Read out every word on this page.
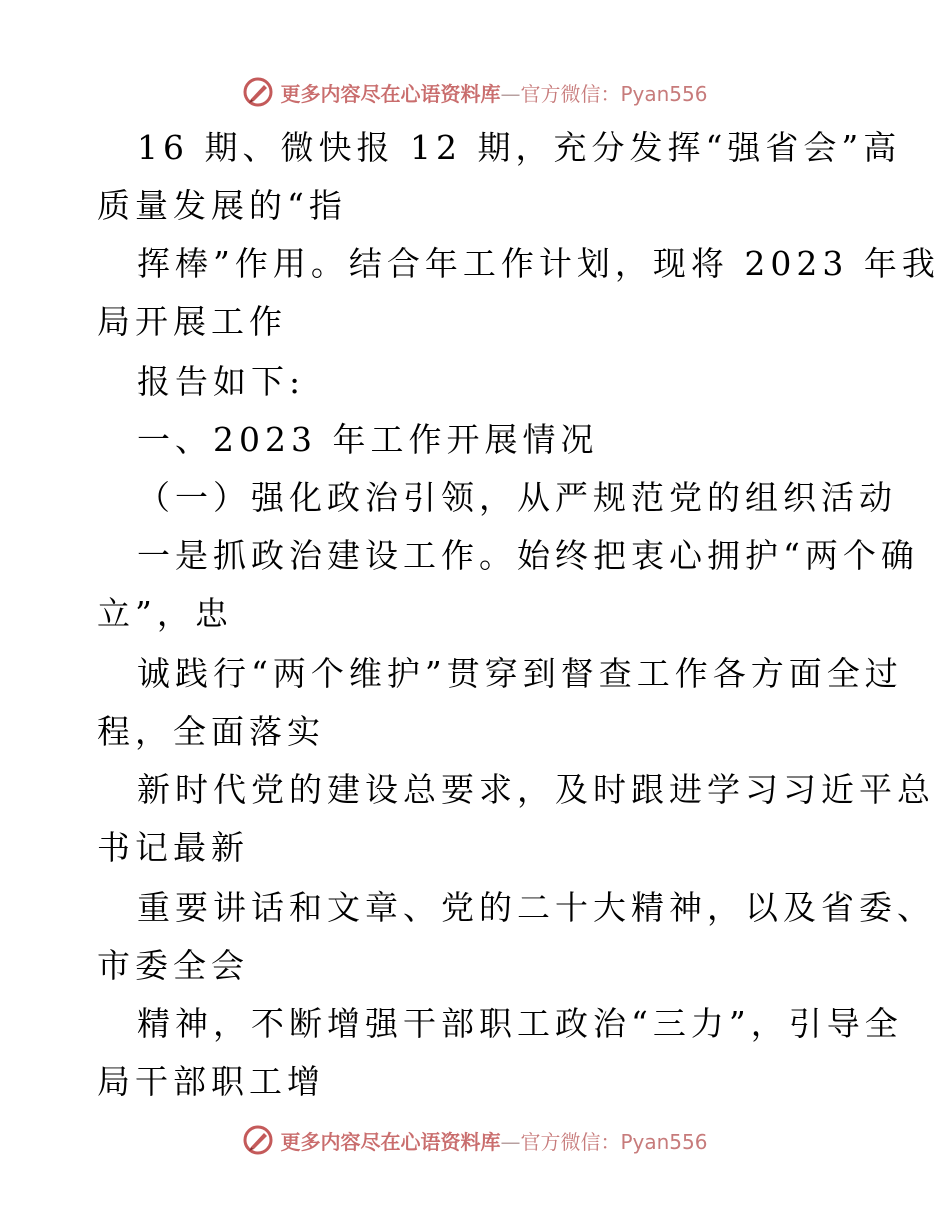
更多内容尽在心语资料库—官方微信：Pyan556
16 期、微快报 12 期，充分发挥“强省会”高
质量发展的“指
挥棒”作用。结合年工作计划，现将 2023 年我
局开展工作
报告如下:
一、2023 年工作开展情况
（一）强化政治引领，从严规范党的组织活动
一是抓政治建设工作。始终把衷心拥护“两个确
立”，忠
诚践行“两个维护”贯穿到督查工作各方面全过
程，全面落实
新时代党的建设总要求，及时跟进学习习近平总
书记最新
重要讲话和文章、党的二十大精神，以及省委、
市委全会
精神，不断增强干部职工政治“三力”，引导全
局干部职工增
更多内容尽在心语资料库—官方微信：Pyan556
